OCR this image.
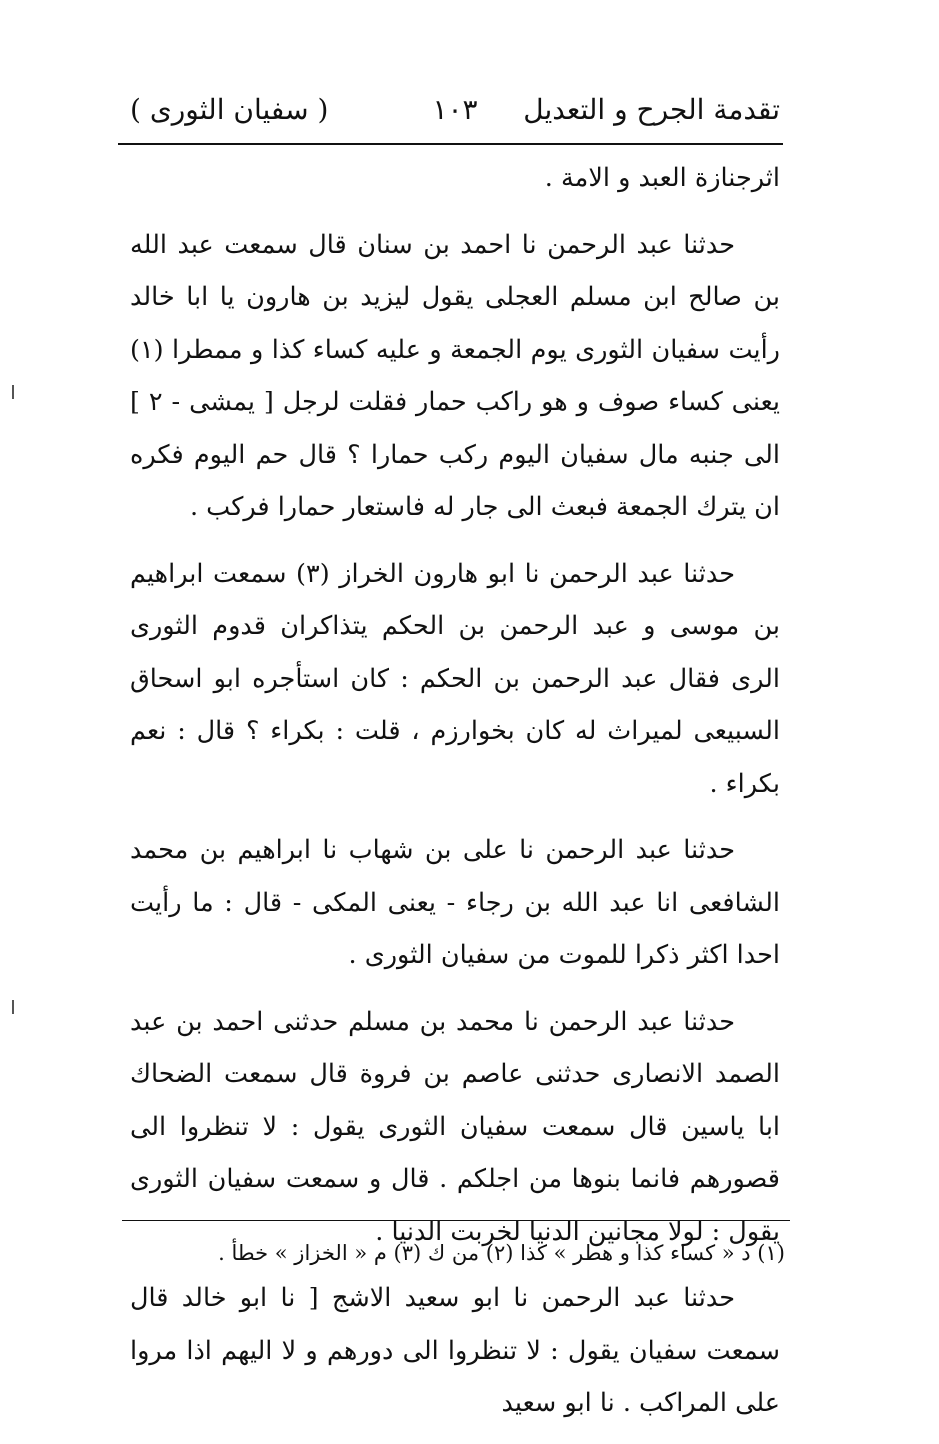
تقدمة الجرح و التعديل
١٠٣
( سفيان الثورى )

اثرجنازة العبد و الامة .

حدثنا عبد الرحمن نا احمد بن سنان قال سمعت عبد الله بن صالح ابن مسلم العجلى يقول ليزيد بن هارون يا ابا خالد رأيت سفيان الثورى يوم الجمعة و عليه كساء كذا و ممطرا (١) يعنى كساء صوف و هو راكب حمار فقلت لرجل [ يمشى - ٢ ] الى جنبه مال سفيان اليوم ركب حمارا ؟ قال حم اليوم فكره ان يترك الجمعة فبعث الى جار له فاستعار حمارا فركب .

حدثنا عبد الرحمن نا ابو هارون الخراز (٣) سمعت ابراهيم بن موسى و عبد الرحمن بن الحكم يتذاكران قدوم الثورى الرى فقال عبد الرحمن بن الحكم : كان استأجره ابو اسحاق السبيعى لميراث له كان بخوارزم ، قلت : بكراء ؟ قال : نعم بكراء .

حدثنا عبد الرحمن نا على بن شهاب نا ابراهيم بن محمد الشافعى انا عبد الله بن رجاء - يعنى المكى - قال : ما رأيت احدا اكثر ذكرا للموت من سفيان الثورى .

حدثنا عبد الرحمن نا محمد بن مسلم حدثنى احمد بن عبد الصمد الانصارى حدثنى عاصم بن فروة قال سمعت الضحاك ابا ياسين قال سمعت سفيان الثورى يقول : لا تنظروا الى قصورهم فانما بنوها من اجلكم . قال و سمعت سفيان الثورى يقول : لولا مجانين الدنيا لخربت الدنيا .

حدثنا عبد الرحمن نا ابو سعيد الاشج [ نا ابو خالد قال سمعت سفيان يقول : لا تنظروا الى دورهم و لا اليهم اذا مروا على المراكب . نا ابو سعيد

(١) د « كساء كذا و هطر » كذا (٢) من ك (٣) م « الخزاز » خطأ .
